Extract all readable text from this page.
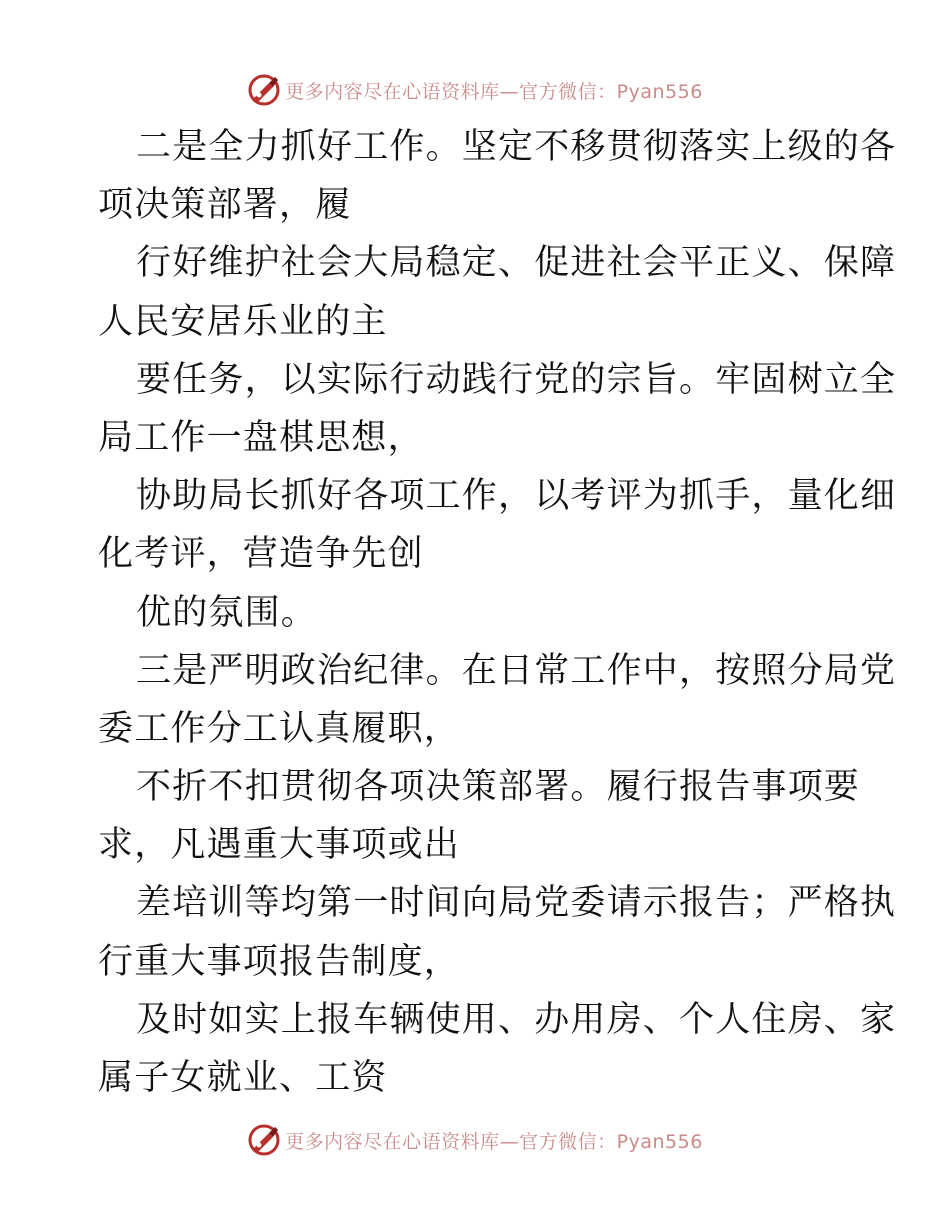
更多内容尽在心语资料库—官方微信：Pyan556
二是全力抓好工作。坚定不移贯彻落实上级的各
项决策部署，履
行好维护社会大局稳定、促进社会平正义、保障
人民安居乐业的主
要任务，以实际行动践行党的宗旨。牢固树立全
局工作一盘棋思想，
协助局长抓好各项工作，以考评为抓手，量化细
化考评，营造争先创
优的氛围。
三是严明政治纪律。在日常工作中，按照分局党
委工作分工认真履职，
不折不扣贯彻各项决策部署。履行报告事项要
求，凡遇重大事项或出
差培训等均第一时间向局党委请示报告；严格执
行重大事项报告制度，
及时如实上报车辆使用、办用房、个人住房、家
属子女就业、工资
更多内容尽在心语资料库—官方微信：Pyan556
